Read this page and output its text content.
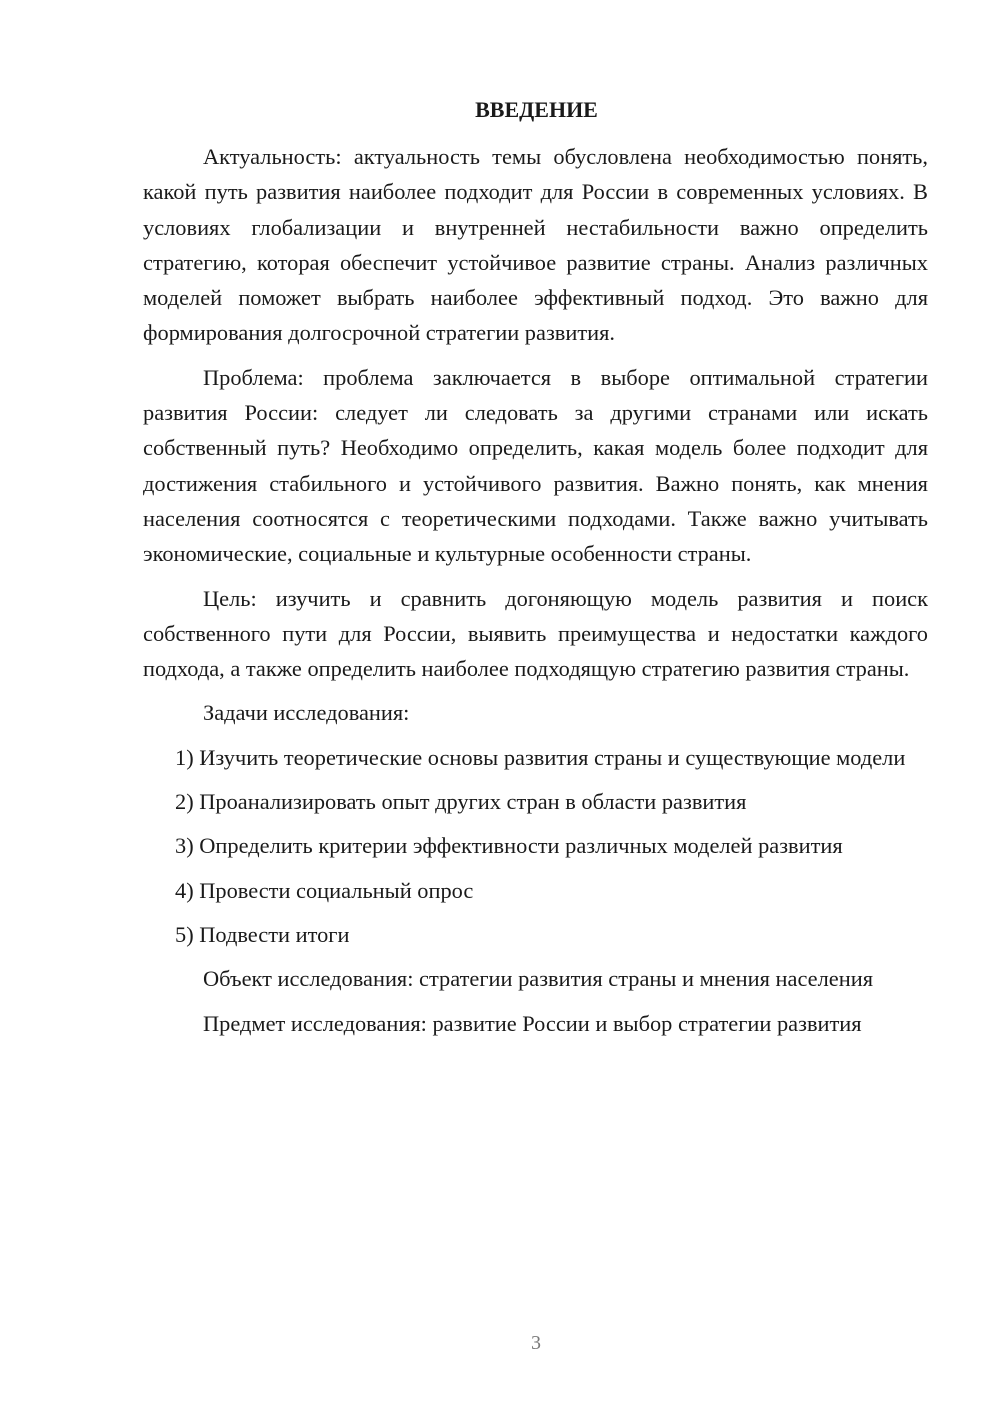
ВВЕДЕНИЕ

Актуальность: актуальность темы обусловлена необходимостью понять, какой путь развития наиболее подходит для России в современных условиях. В условиях глобализации и внутренней нестабильности важно определить стратегию, которая обеспечит устойчивое развитие страны. Анализ различных моделей поможет выбрать наиболее эффективный подход. Это важно для формирования долгосрочной стратегии развития.

Проблема: проблема заключается в выборе оптимальной стратегии развития России: следует ли следовать за другими странами или искать собственный путь? Необходимо определить, какая модель более подходит для достижения стабильного и устойчивого развития. Важно понять, как мнения населения соотносятся с теоретическими подходами. Также важно учитывать экономические, социальные и культурные особенности страны.

Цель: изучить и сравнить догоняющую модель развития и поиск собственного пути для России, выявить преимущества и недостатки каждого подхода, а также определить наиболее подходящую стратегию развития страны.

Задачи исследования:

1) Изучить теоретические основы развития страны и существующие модели

2) Проанализировать опыт других стран в области развития

3) Определить критерии эффективности различных моделей развития

4) Провести социальный опрос

5) Подвести итоги

Объект исследования: стратегии развития страны и мнения населения

Предмет исследования: развитие России и выбор стратегии развития

3
